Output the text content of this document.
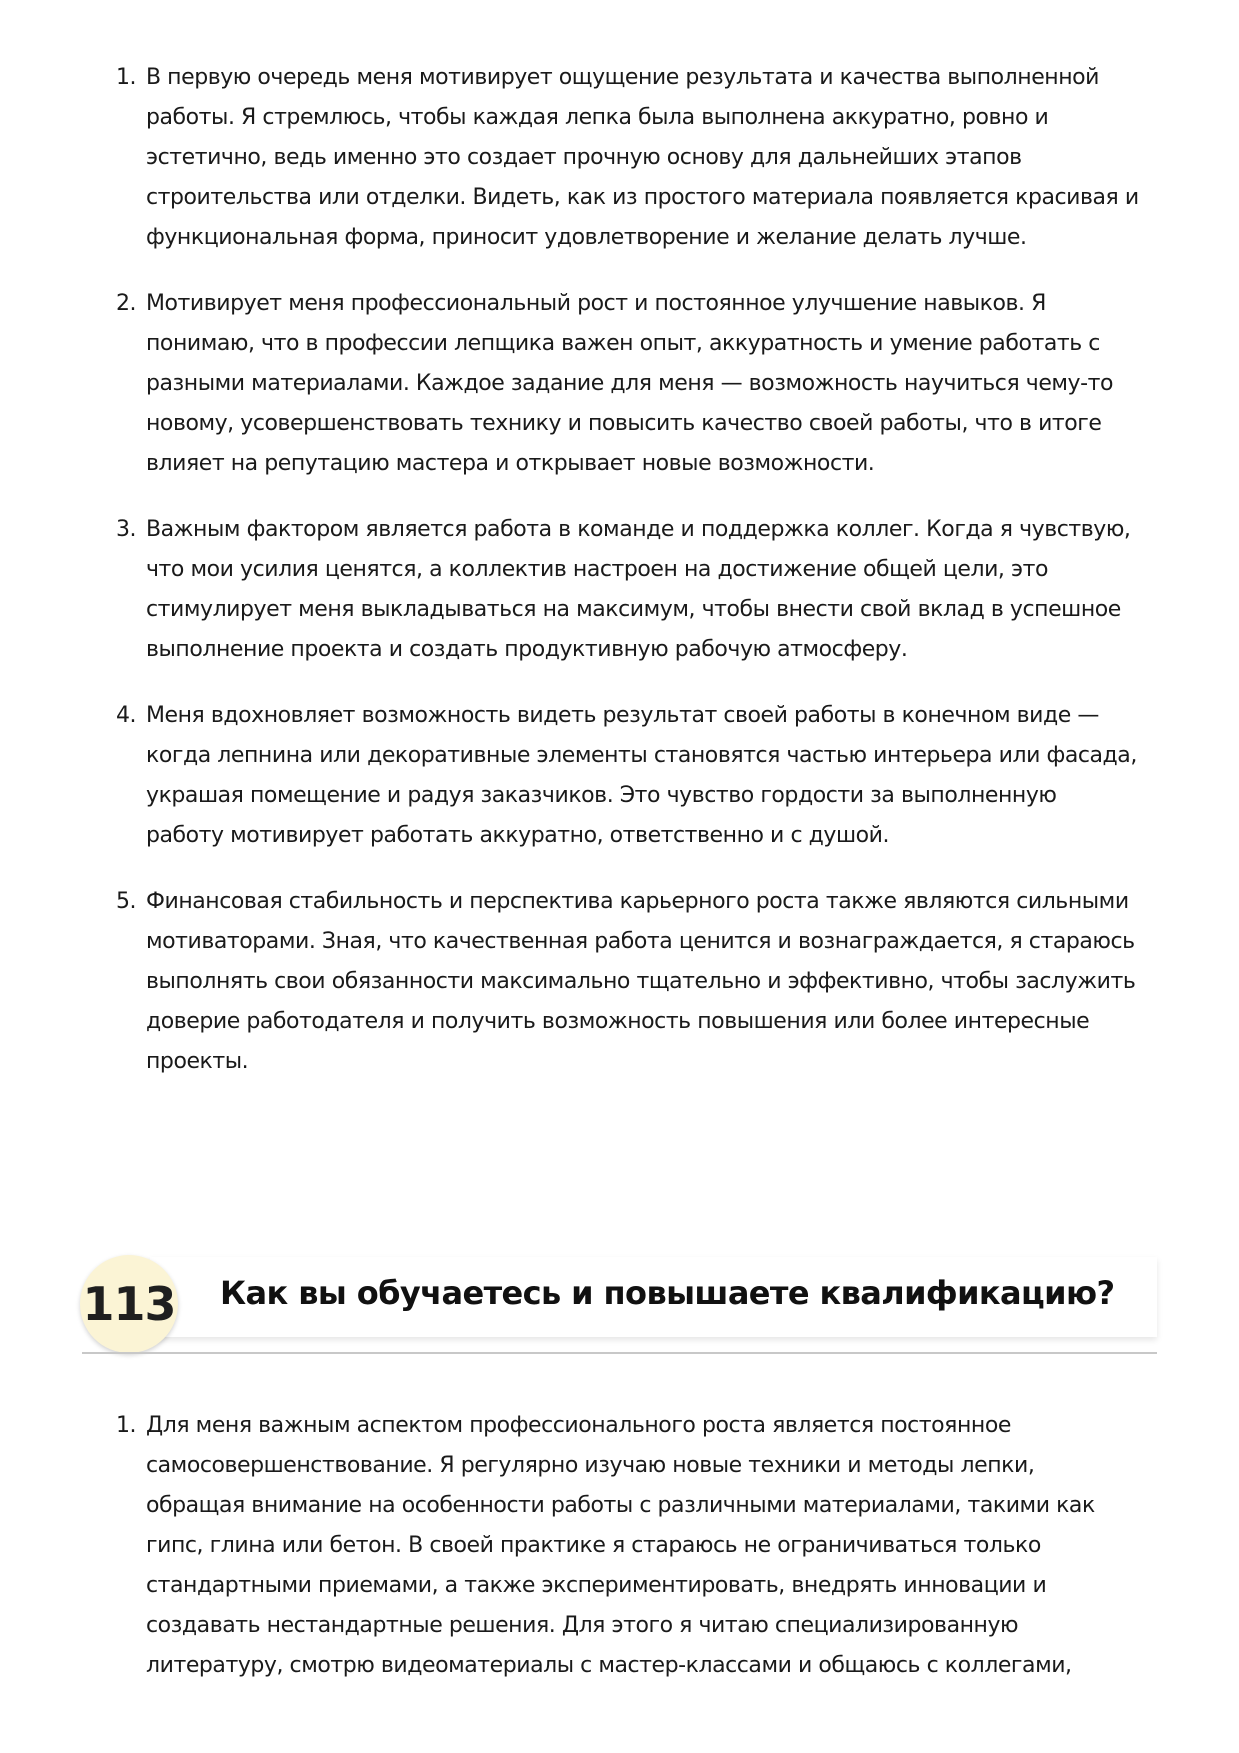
1. В первую очередь меня мотивирует ощущение результата и качества выполненной
работы. Я стремлюсь, чтобы каждая лепка была выполнена аккуратно, ровно и
эстетично, ведь именно это создает прочную основу для дальнейших этапов
строительства или отделки. Видеть, как из простого материала появляется красивая и
функциональная форма, приносит удовлетворение и желание делать лучше.
2. Мотивирует меня профессиональный рост и постоянное улучшение навыков. Я
понимаю, что в профессии лепщика важен опыт, аккуратность и умение работать с
разными материалами. Каждое задание для меня — возможность научиться чему-то
новому, усовершенствовать технику и повысить качество своей работы, что в итоге
влияет на репутацию мастера и открывает новые возможности.
3. Важным фактором является работа в команде и поддержка коллег. Когда я чувствую,
что мои усилия ценятся, а коллектив настроен на достижение общей цели, это
стимулирует меня выкладываться на максимум, чтобы внести свой вклад в успешное
выполнение проекта и создать продуктивную рабочую атмосферу.
4. Меня вдохновляет возможность видеть результат своей работы в конечном виде —
когда лепнина или декоративные элементы становятся частью интерьера или фасада,
украшая помещение и радуя заказчиков. Это чувство гордости за выполненную
работу мотивирует работать аккуратно, ответственно и с душой.
5. Финансовая стабильность и перспектива карьерного роста также являются сильными
мотиваторами. Зная, что качественная работа ценится и вознаграждается, я стараюсь
выполнять свои обязанности максимально тщательно и эффективно, чтобы заслужить
доверие работодателя и получить возможность повышения или более интересные
проекты.
113 Как вы обучаетесь и повышаете квалификацию?
1. Для меня важным аспектом профессионального роста является постоянное
самосовершенствование. Я регулярно изучаю новые техники и методы лепки,
обращая внимание на особенности работы с различными материалами, такими как
гипс, глина или бетон. В своей практике я стараюсь не ограничиваться только
стандартными приемами, а также экспериментировать, внедрять инновации и
создавать нестандартные решения. Для этого я читаю специализированную
литературу, смотрю видеоматериалы с мастер-классами и общаюсь с коллегами,
